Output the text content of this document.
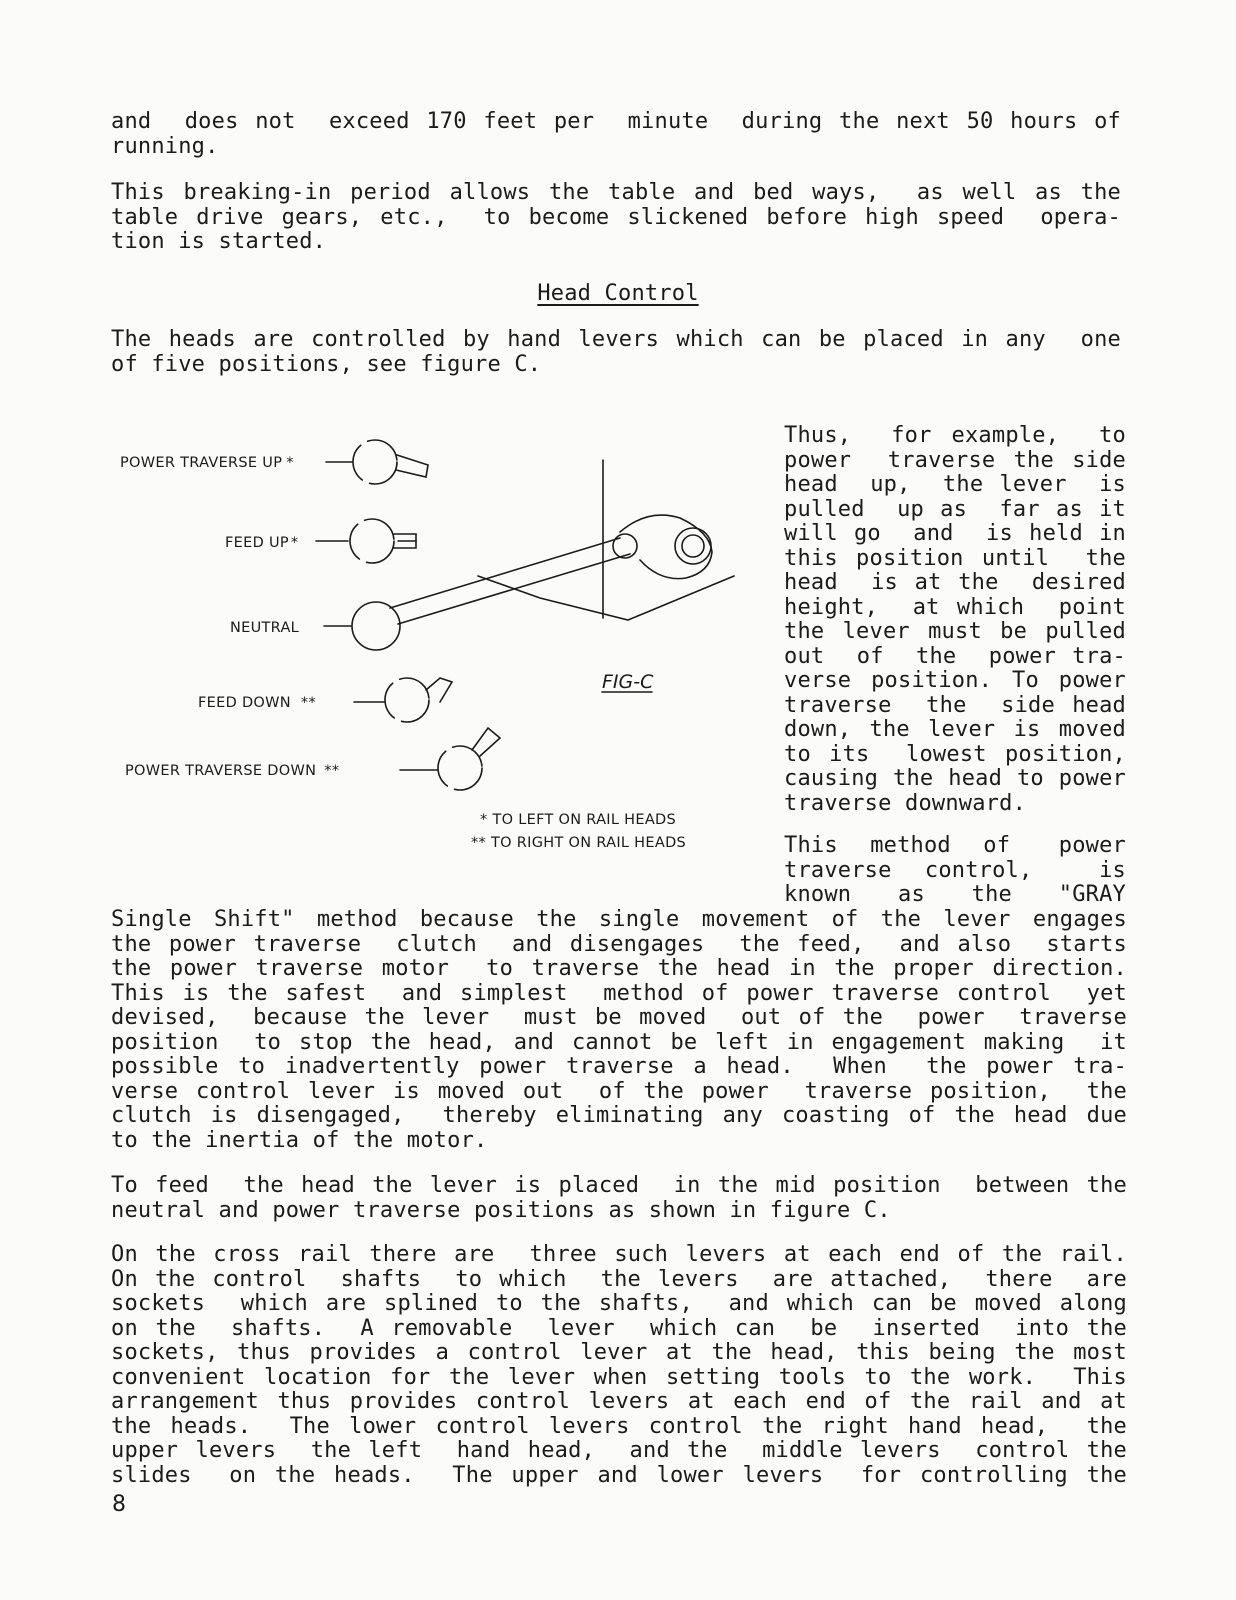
and  does not  exceed 170 feet per  minute  during the next 50 hours of
running.

This breaking-in period allows the table and bed ways,  as well as the
table drive gears, etc.,  to become slickened before high speed  opera-
tion is started.

Head Control

The heads are controlled by hand levers which can be placed in any  one
of five positions, see figure C.

POWER TRAVERSE UP *
FEED UP *
NEUTRAL
FEED DOWN **
POWER TRAVERSE DOWN **
FIG-C
* TO LEFT ON RAIL HEADS
** TO RIGHT ON RAIL HEADS

Thus,  for example,  to
power  traverse the side
head  up,  the lever  is
pulled  up as  far as it
will go  and  is held in
this position until  the
head  is at the  desired
height,  at which  point
the lever must be pulled
out  of  the  power tra-
verse position. To power
traverse  the  side head
down, the lever is moved
to its  lowest position,
causing the head to power
traverse downward.

This  method  of   power
traverse  control,    is
known   as   the   "GRAY

Single Shift" method because the single movement of the lever engages
the power traverse  clutch  and disengages  the feed,  and also  starts
the power traverse motor  to traverse the head in the proper direction.
This is the safest  and simplest  method of power traverse control  yet
devised,  because the lever  must be moved  out of the  power  traverse
position  to stop the head, and cannot be left in engagement making  it
possible to inadvertently power traverse a head.  When  the power tra-
verse control lever is moved out  of the power  traverse position,  the
clutch is disengaged,  thereby eliminating any coasting of the head due
to the inertia of the motor.

To feed  the head the lever is placed  in the mid position  between the
neutral and power traverse positions as shown in figure C.

On the cross rail there are  three such levers at each end of the rail.
On the control  shafts  to which  the levers  are attached,  there  are
sockets  which are splined to the shafts,  and which can be moved along
on the  shafts.  A removable  lever  which can  be  inserted  into the
sockets, thus provides a control lever at the head, this being the most
convenient location for the lever when setting tools to the work.  This
arrangement thus provides control levers at each end of the rail and at
the heads.  The lower control levers control the right hand head,  the
upper levers  the left  hand head,  and the  middle levers  control the
slides  on the heads.  The upper and lower levers  for controlling the

8
